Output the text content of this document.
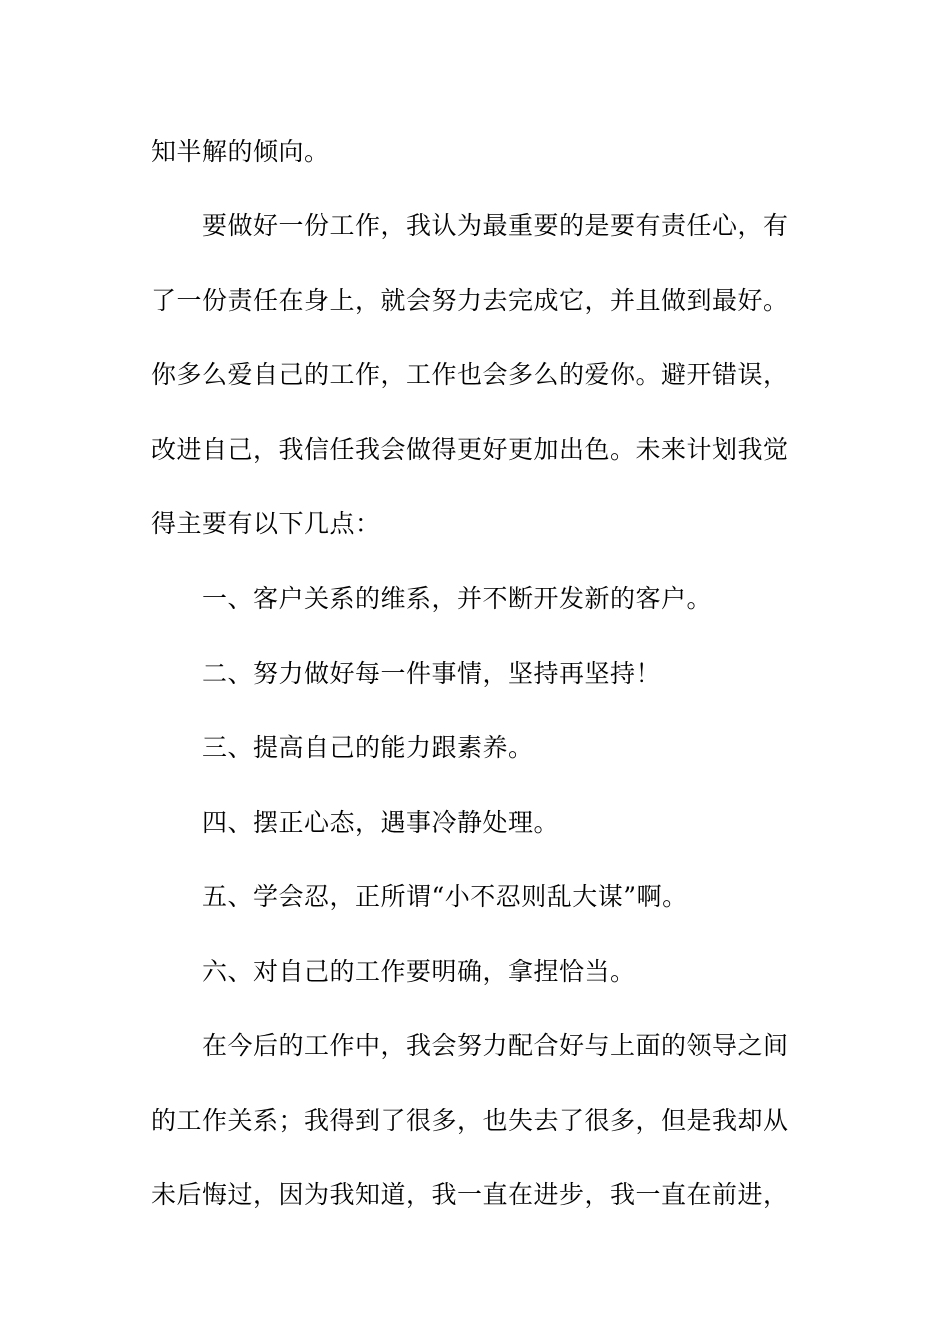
知半解的倾向。
要做好一份工作，我认为最重要的是要有责任心，有
了一份责任在身上，就会努力去完成它，并且做到最好。
你多么爱自己的工作，工作也会多么的爱你。避开错误，
改进自己，我信任我会做得更好更加出色。未来计划我觉
得主要有以下几点：
一、客户关系的维系，并不断开发新的客户。
二、努力做好每一件事情，坚持再坚持！
三、提高自己的能力跟素养。
四、摆正心态，遇事冷静处理。
五、学会忍，正所谓“小不忍则乱大谋”啊。
六、对自己的工作要明确，拿捏恰当。
在今后的工作中，我会努力配合好与上面的领导之间
的工作关系；我得到了很多，也失去了很多，但是我却从
未后悔过，因为我知道，我一直在进步，我一直在前进，
